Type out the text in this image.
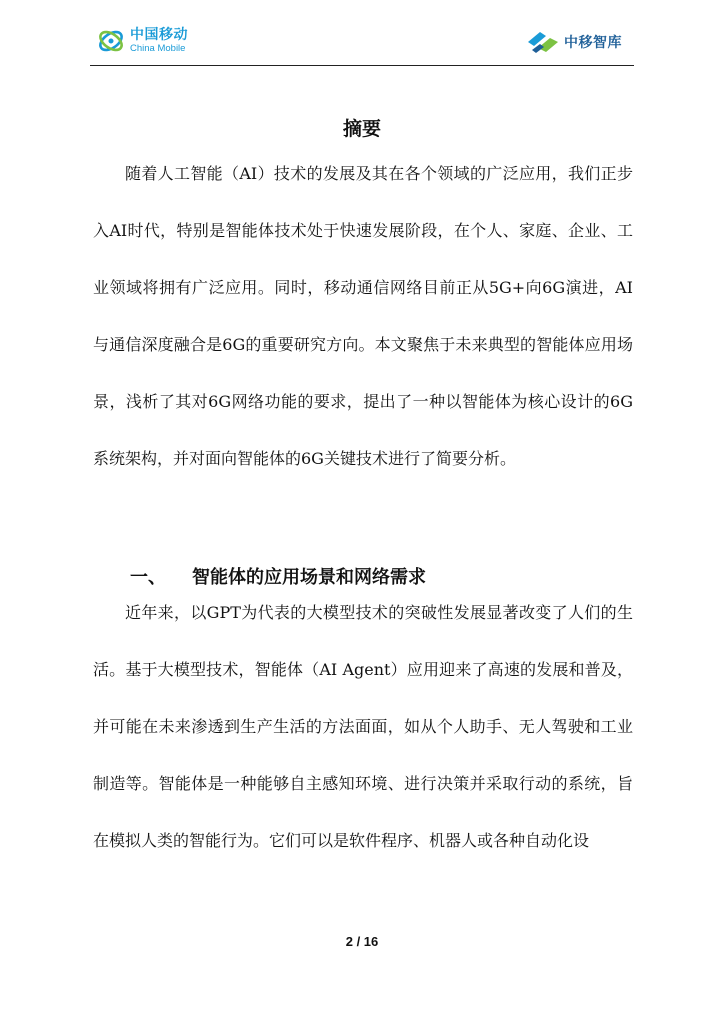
中国移动
China Mobile	中移智库
摘要

随着人工智能（AI）技术的发展及其在各个领域的广泛应用，我们正步入AI时代，特别是智能体技术处于快速发展阶段，在个人、家庭、企业、工业领域将拥有广泛应用。同时，移动通信网络目前正从5G+向6G演进，AI与通信深度融合是6G的重要研究方向。本文聚焦于未来典型的智能体应用场景，浅析了其对6G网络功能的要求，提出了一种以智能体为核心设计的6G系统架构，并对面向智能体的6G关键技术进行了简要分析。

一、	智能体的应用场景和网络需求

近年来，以GPT为代表的大模型技术的突破性发展显著改变了人们的生活。基于大模型技术，智能体（AI Agent）应用迎来了高速的发展和普及，并可能在未来渗透到生产生活的方法面面，如从个人助手、无人驾驶和工业制造等。智能体是一种能够自主感知环境、进行决策并采取行动的系统，旨在模拟人类的智能行为。它们可以是软件程序、机器人或各种自动化设

2 / 16
